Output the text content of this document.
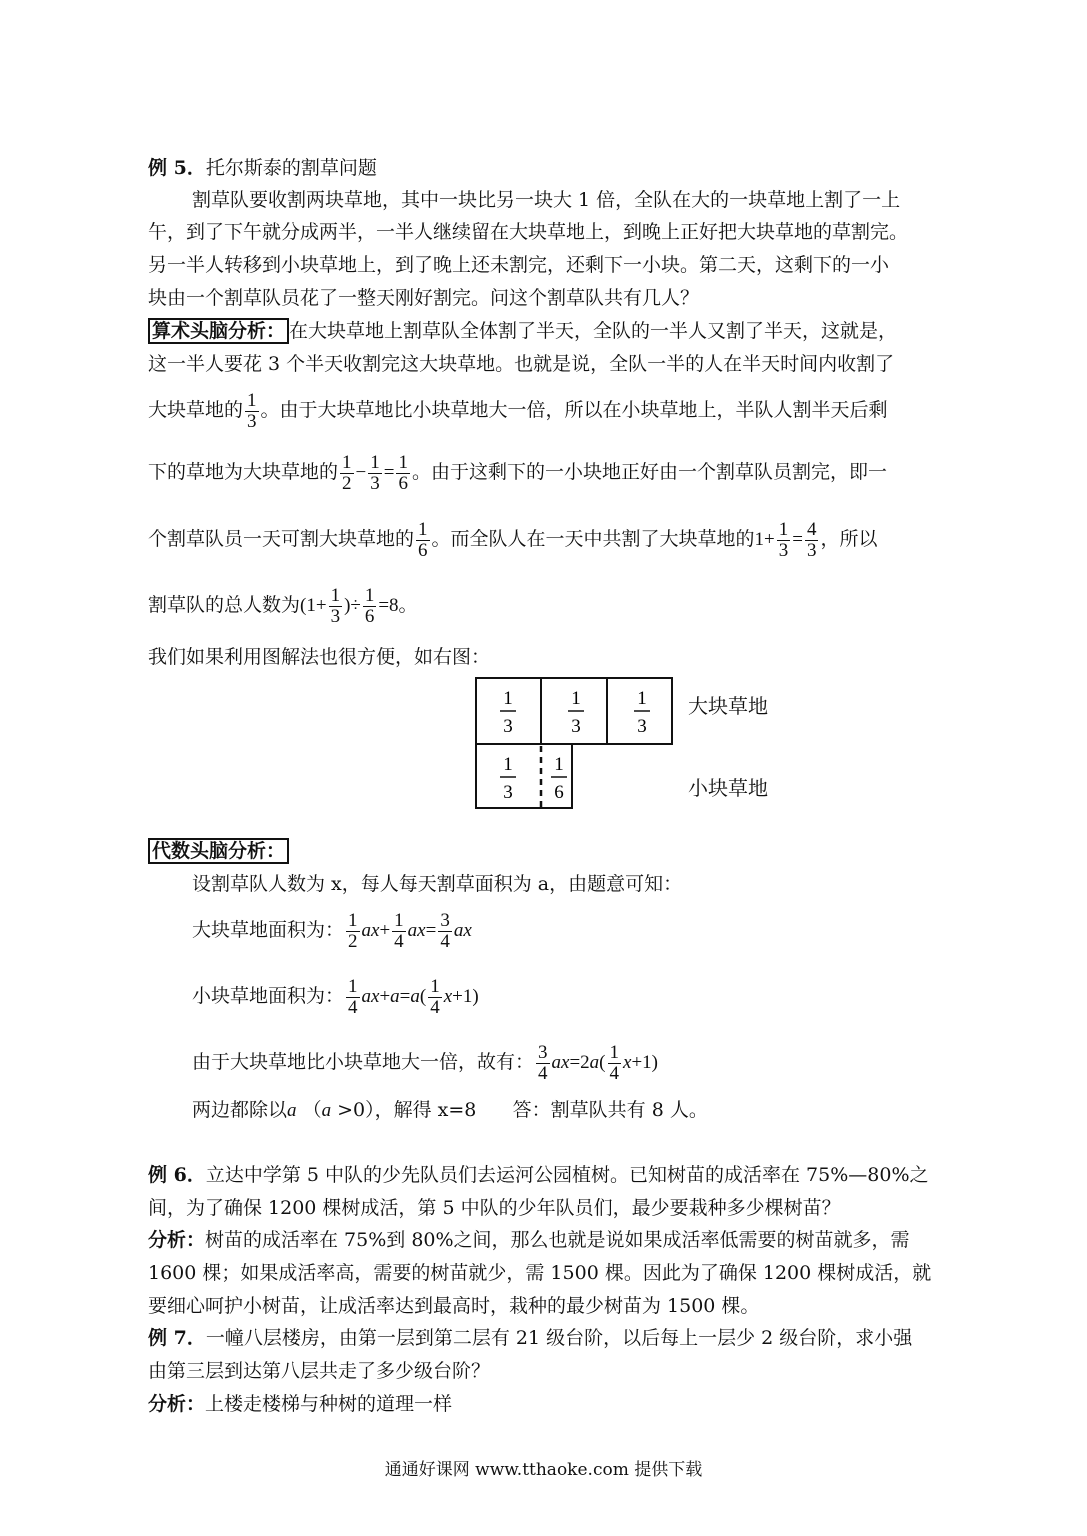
例 5．托尔斯泰的割草问题
割草队要收割两块草地，其中一块比另一块大 1 倍，全队在大的一块草地上割了一上
午，到了下午就分成两半，一半人继续留在大块草地上，到晚上正好把大块草地的草割完。
另一半人转移到小块草地上，到了晚上还未割完，还剩下一小块。第二天，这剩下的一小
块由一个割草队员花了一整天刚好割完。问这个割草队共有几人？
算术头脑分析： 在大块草地上割草队全体割了半天，全队的一半人又割了半天，这就是，
这一半人要花 3 个半天收割完这大块草地。也就是说，全队一半的人在半天时间内收割了
大块草地的 $\frac{1}{3}$ 。由于大块草地比小块草地大一倍，所以在小块草地上，半队人割半天后剩
下的草地为大块草地的 $\frac{1}{2} - \frac{1}{3} = \frac{1}{6}$ 。由于这剩下的一小块地正好由一个割草队员割完，即一
个割草队员一天可割大块草地的 $\frac{1}{6}$ 。而全队人在一天中共割了大块草地的$1+ \frac{1}{3} = \frac{4}{3}$ ，所以
割草队的总人数为($1+ \frac{1}{3}$ )÷ $\frac{1}{6} =8$。
我们如果利用图解法也很方便，如右图：
1
3
1
3
1
3
1
3
1
6
大块草地
小块草地
代数头脑分析：
设割草队人数为 x，每人每天割草面积为 a，由题意可知：
大块草地面积为： $\frac{1}{2} ax+ \frac{1}{4} ax= \frac{3}{4}$ ax
小块草地面积为： $\frac{1}{4} ax+a=a( \frac{1}{4} x+1)$
由于大块草地比小块草地大一倍，故有： $\frac{3}{4} ax=2a( \frac{1}{4} x+1)$
两边都除以a （a >0），解得 x=8 答：割草队共有 8 人。
例 6．立达中学第 5 中队的少先队员们去运河公园植树。已知树苗的成活率在 75%—80%之
间，为了确保 1200 棵树成活，第 5 中队的少年队员们，最少要栽种多少棵树苗？
分析：树苗的成活率在 75%到 80%之间，那么也就是说如果成活率低需要的树苗就多，需
1600 棵；如果成活率高，需要的树苗就少，需 1500 棵。因此为了确保 1200 棵树成活，就
要细心呵护小树苗，让成活率达到最高时，栽种的最少树苗为 1500 棵。
例 7．一幢八层楼房，由第一层到第二层有 21 级台阶，以后每上一层少 2 级台阶，求小强
由第三层到达第八层共走了多少级台阶？
分析：上楼走楼梯与种树的道理一样
通通好课网 www.tthaoke.com 提供下载
